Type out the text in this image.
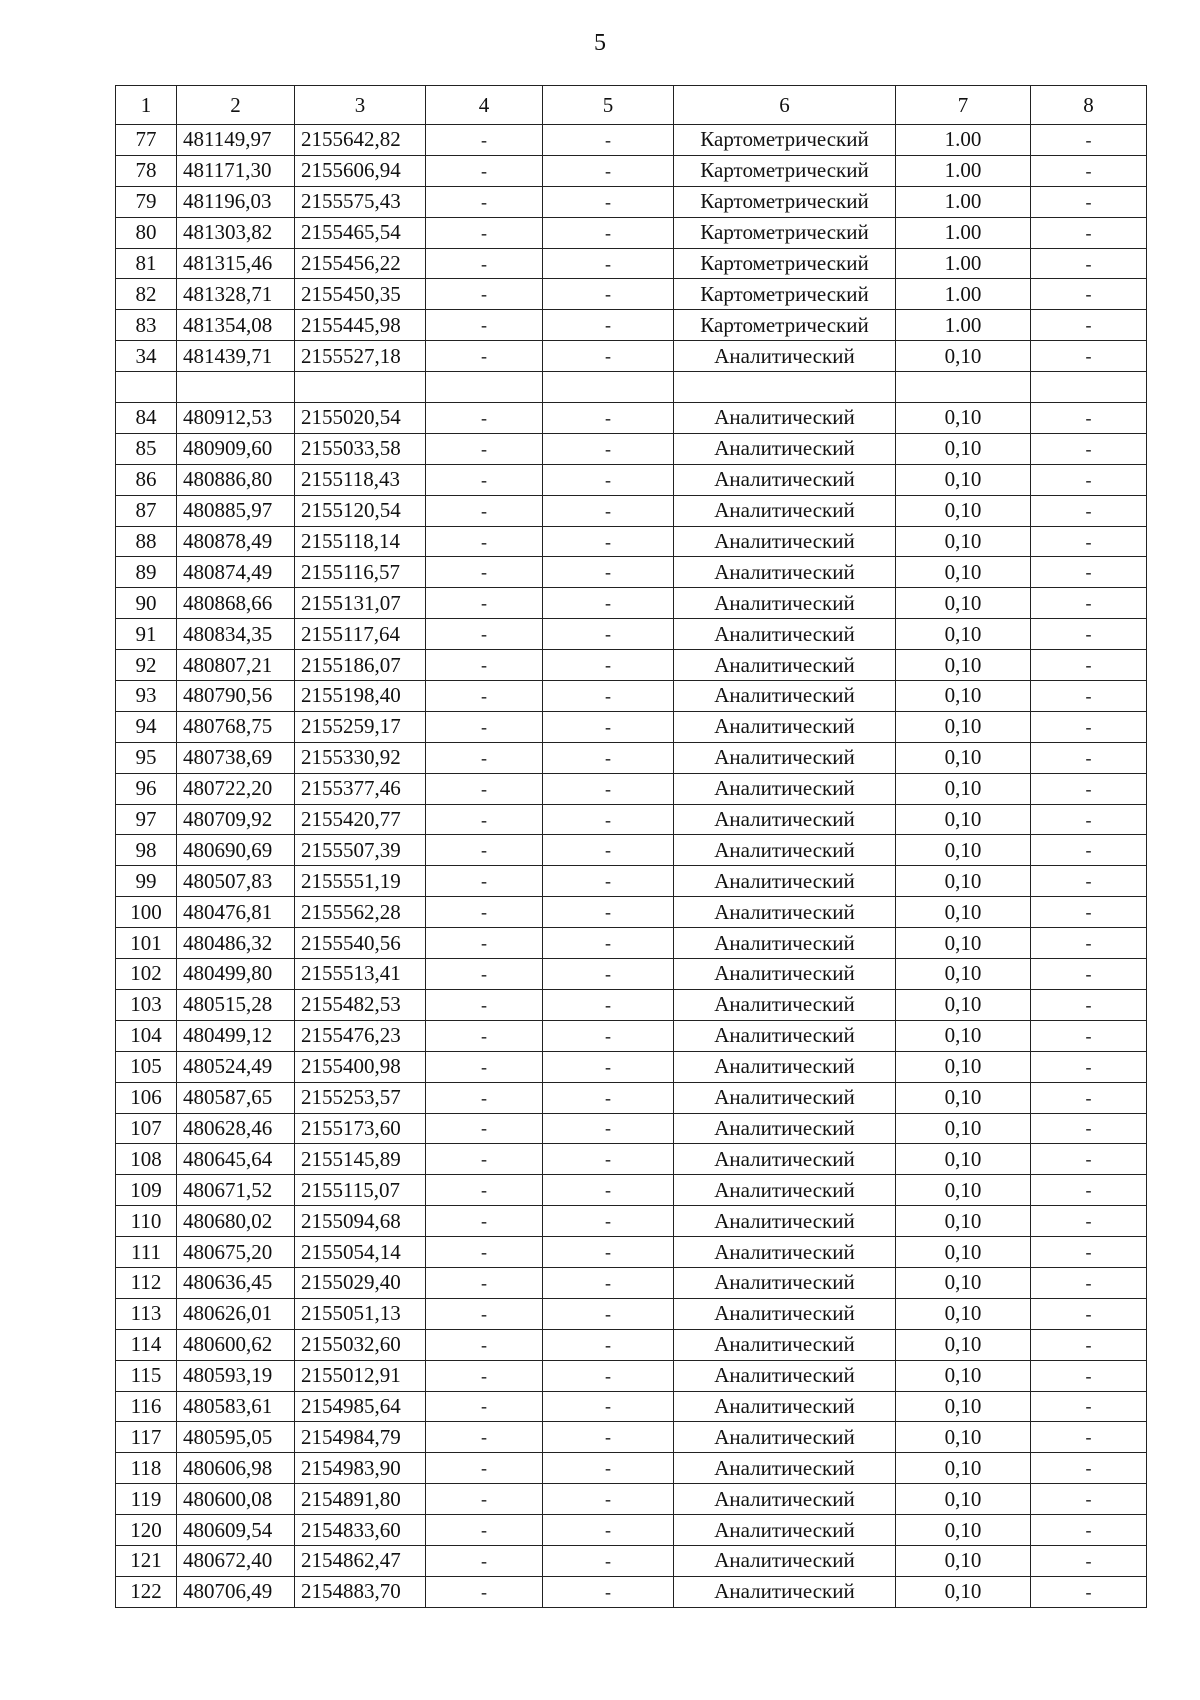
5
1	2	3	4	5	6	7	8
77	481149,97	2155642,82	-	-	Картометрический	1.00	-
78	481171,30	2155606,94	-	-	Картометрический	1.00	-
79	481196,03	2155575,43	-	-	Картометрический	1.00	-
80	481303,82	2155465,54	-	-	Картометрический	1.00	-
81	481315,46	2155456,22	-	-	Картометрический	1.00	-
82	481328,71	2155450,35	-	-	Картометрический	1.00	-
83	481354,08	2155445,98	-	-	Картометрический	1.00	-
34	481439,71	2155527,18	-	-	Аналитический	0,10	-

84	480912,53	2155020,54	-	-	Аналитический	0,10	-
85	480909,60	2155033,58	-	-	Аналитический	0,10	-
86	480886,80	2155118,43	-	-	Аналитический	0,10	-
87	480885,97	2155120,54	-	-	Аналитический	0,10	-
88	480878,49	2155118,14	-	-	Аналитический	0,10	-
89	480874,49	2155116,57	-	-	Аналитический	0,10	-
90	480868,66	2155131,07	-	-	Аналитический	0,10	-
91	480834,35	2155117,64	-	-	Аналитический	0,10	-
92	480807,21	2155186,07	-	-	Аналитический	0,10	-
93	480790,56	2155198,40	-	-	Аналитический	0,10	-
94	480768,75	2155259,17	-	-	Аналитический	0,10	-
95	480738,69	2155330,92	-	-	Аналитический	0,10	-
96	480722,20	2155377,46	-	-	Аналитический	0,10	-
97	480709,92	2155420,77	-	-	Аналитический	0,10	-
98	480690,69	2155507,39	-	-	Аналитический	0,10	-
99	480507,83	2155551,19	-	-	Аналитический	0,10	-
100	480476,81	2155562,28	-	-	Аналитический	0,10	-
101	480486,32	2155540,56	-	-	Аналитический	0,10	-
102	480499,80	2155513,41	-	-	Аналитический	0,10	-
103	480515,28	2155482,53	-	-	Аналитический	0,10	-
104	480499,12	2155476,23	-	-	Аналитический	0,10	-
105	480524,49	2155400,98	-	-	Аналитический	0,10	-
106	480587,65	2155253,57	-	-	Аналитический	0,10	-
107	480628,46	2155173,60	-	-	Аналитический	0,10	-
108	480645,64	2155145,89	-	-	Аналитический	0,10	-
109	480671,52	2155115,07	-	-	Аналитический	0,10	-
110	480680,02	2155094,68	-	-	Аналитический	0,10	-
111	480675,20	2155054,14	-	-	Аналитический	0,10	-
112	480636,45	2155029,40	-	-	Аналитический	0,10	-
113	480626,01	2155051,13	-	-	Аналитический	0,10	-
114	480600,62	2155032,60	-	-	Аналитический	0,10	-
115	480593,19	2155012,91	-	-	Аналитический	0,10	-
116	480583,61	2154985,64	-	-	Аналитический	0,10	-
117	480595,05	2154984,79	-	-	Аналитический	0,10	-
118	480606,98	2154983,90	-	-	Аналитический	0,10	-
119	480600,08	2154891,80	-	-	Аналитический	0,10	-
120	480609,54	2154833,60	-	-	Аналитический	0,10	-
121	480672,40	2154862,47	-	-	Аналитический	0,10	-
122	480706,49	2154883,70	-	-	Аналитический	0,10	-
